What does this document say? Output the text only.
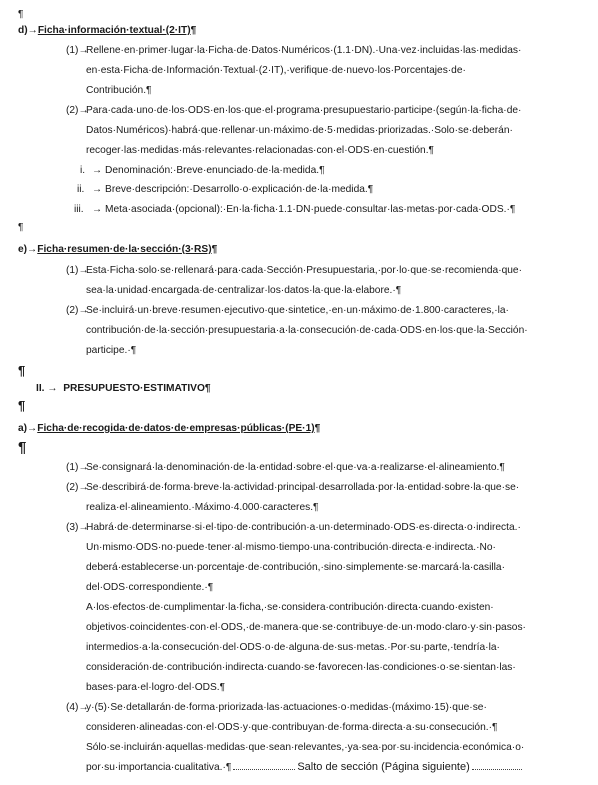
¶
d)→Ficha·información·textual·(2·IT)¶
(1)→
Rellene·en·primer·lugar·la·Ficha·de·Datos·Numéricos·(1.1·DN).·Una·vez·incluidas·las·medidas·
en·esta·Ficha·de·Información·Textual·(2·IT),·verifique·de·nuevo·los·Porcentajes·de·
Contribución.¶
(2)→
Para·cada·uno·de·los·ODS·en·los·que·el·programa·presupuestario·participe·(según·la·ficha·de·
Datos·Numéricos)·habrá·que·rellenar·un·máximo·de·5·medidas·priorizadas.·Solo·se·deberán·
recoger·las·medidas·más·relevantes·relacionadas·con·el·ODS·en·cuestión.¶
i. → Denominación:·Breve·enunciado·de·la·medida.¶
ii. → Breve·descripción:·Desarrollo·o·explicación·de·la·medida.¶
iii. → Meta·asociada·(opcional):·En·la·ficha·1.1·DN·puede·consultar·las·metas·por·cada·ODS.·¶
¶
e)→Ficha·resumen·de·la·sección·(3·RS)¶
(1)→
Esta·Ficha·solo·se·rellenará·para·cada·Sección·Presupuestaria,·por·lo·que·se·recomienda·que·
sea·la·unidad·encargada·de·centralizar·los·datos·la·que·la·elabore.·¶
(2)→
Se·incluirá·un·breve·resumen·ejecutivo·que·sintetice,·en·un·máximo·de·1.800·caracteres,·la·
contribución·de·la·sección·presupuestaria·a·la·consecución·de·cada·ODS·en·los·que·la·Sección·
participe.·¶
¶
II. → PRESUPUESTO·ESTIMATIVO¶
¶
a)→Ficha·de·recogida·de·datos·de·empresas·públicas·(PE·1)¶
¶
(1)→
Se·consignará·la·denominación·de·la·entidad·sobre·el·que·va·a·realizarse·el·alineamiento.¶
(2)→
Se·describirá·de·forma·breve·la·actividad·principal·desarrollada·por·la·entidad·sobre·la·que·se·
realiza·el·alineamiento.·Máximo·4.000·caracteres.¶
(3)→
Habrá·de·determinarse·si·el·tipo·de·contribución·a·un·determinado·ODS·es·directa·o·indirecta.·
Un·mismo·ODS·no·puede·tener·al·mismo·tiempo·una·contribución·directa·e·indirecta.·No·
deberá·establecerse·un·porcentaje·de·contribución,·sino·simplemente·se·marcará·la·casilla·
del·ODS·correspondiente.·¶
A·los·efectos·de·cumplimentar·la·ficha,·se·considera·contribución·directa·cuando·existen·
objetivos·coincidentes·con·el·ODS,·de·manera·que·se·contribuye·de·un·modo·claro·y·sin·pasos·
intermedios·a·la·consecución·del·ODS·o·de·alguna·de·sus·metas.·Por·su·parte,·tendría·la·
consideración·de·contribución·indirecta·cuando·se·favorecen·las·condiciones·o·se·sientan·las·
bases·para·el·logro·del·ODS.¶
(4)→
y·(5)·Se·detallarán·de·forma·priorizada·las·actuaciones·o·medidas·(máximo·15)·que·se·
consideren·alineadas·con·el·ODS·y·que·contribuyan·de·forma·directa·a·su·consecución.·¶
Sólo·se·incluirán·aquellas·medidas·que·sean·relevantes,·ya·sea·por·su·incidencia·económica·o·
por·su·importancia·cualitativa.·¶	Salto de sección (Página siguiente)
